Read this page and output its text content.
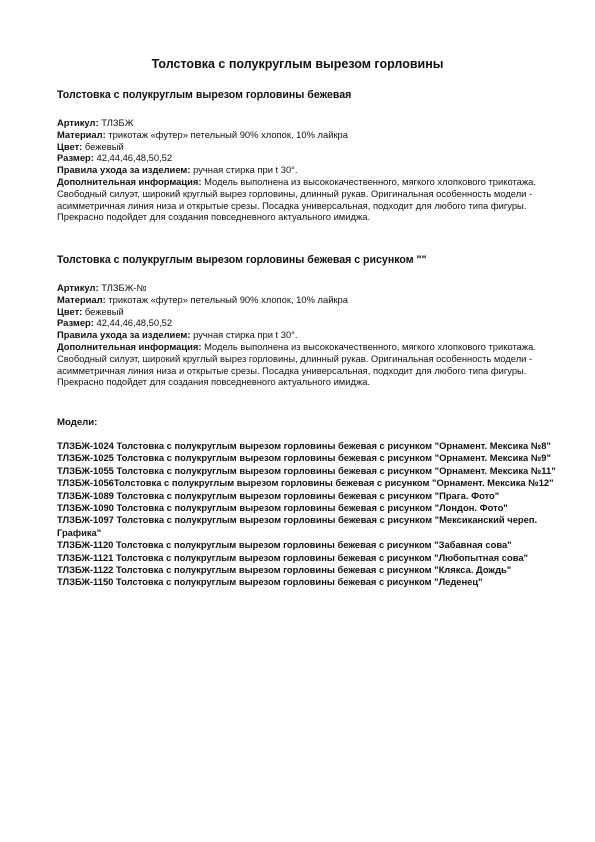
Толстовка с полукруглым вырезом горловины
Толстовка с полукруглым вырезом горловины бежевая

Артикул: ТЛЗБЖ

Материал: трикотаж «футер» петельный 90% хлопок, 10% лайкра

Цвет: бежевый

Размер: 42,44,46,48,50,52

Правила ухода за изделием: ручная стирка при t 30°.

Дополнительная информация: Модель выполнена из высококачественного, мягкого хлопкового трикотажа. Свободный силуэт, широкий круглый вырез горловины, длинный рукав. Оригинальная особенность модели - асимметричная линия низа и открытые срезы. Посадка универсальная, подходит для любого типа фигуры. Прекрасно подойдет для создания повседневного актуального имиджа.

Толстовка с полукруглым вырезом горловины бежевая с рисунком ""

Артикул: ТЛЗБЖ-№

Материал: трикотаж «футер» петельный 90% хлопок, 10% лайкра

Цвет: бежевый

Размер: 42,44,46,48,50,52

Правила ухода за изделием: ручная стирка при t 30°.

Дополнительная информация: Модель выполнена из высококачественного, мягкого хлопкового трикотажа. Свободный силуэт, широкий круглый вырез горловины, длинный рукав. Оригинальная особенность модели - асимметричная линия низа и открытые срезы. Посадка универсальная, подходит для любого типа фигуры. Прекрасно подойдет для создания повседневного актуального имиджа.

Модели:

ТЛЗБЖ-1024 Толстовка с полукруглым вырезом горловины бежевая с рисунком "Орнамент. Мексика №8"
ТЛЗБЖ-1025 Толстовка с полукруглым вырезом горловины бежевая с рисунком "Орнамент. Мексика №9"
ТЛЗБЖ-1055 Толстовка с полукруглым вырезом горловины бежевая с рисунком "Орнамент. Мексика №11"
ТЛЗБЖ-1056Толстовка с полукруглым вырезом горловины бежевая с рисунком "Орнамент. Мексика №12"
ТЛЗБЖ-1089 Толстовка с полукруглым вырезом горловины бежевая с рисунком "Прага. Фото"
ТЛЗБЖ-1090 Толстовка с полукруглым вырезом горловины бежевая с рисунком "Лондон. Фото"
ТЛЗБЖ-1097 Толстовка с полукруглым вырезом горловины бежевая с рисунком "Мексиканский череп. Графика"
ТЛЗБЖ-1120 Толстовка с полукруглым вырезом горловины бежевая с рисунком "Забавная сова"
ТЛЗБЖ-1121 Толстовка с полукруглым вырезом горловины бежевая с рисунком "Любопытная сова"
ТЛЗБЖ-1122 Толстовка с полукруглым вырезом горловины бежевая с рисунком "Клякса. Дождь"
ТЛЗБЖ-1150 Толстовка с полукруглым вырезом горловины бежевая с рисунком "Леденец"
